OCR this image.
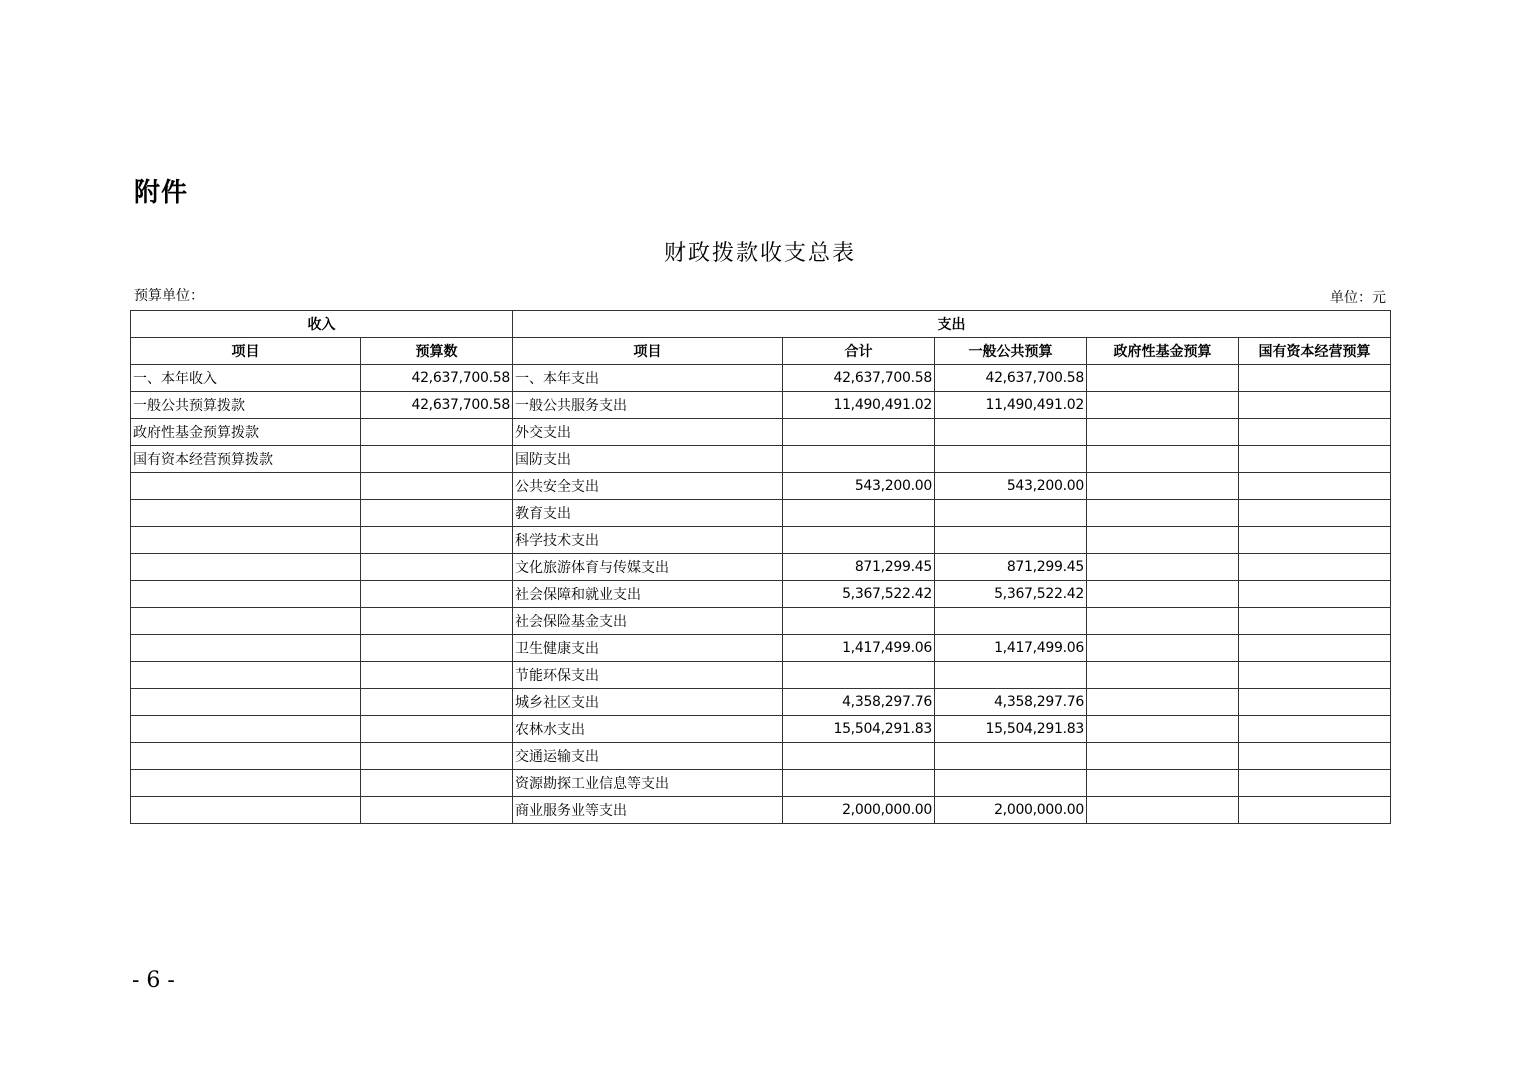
附件
财政拨款收支总表
预算单位：	单位：元
收入		支出				
项目	预算数	项目	合计	一般公共预算	政府性基金预算	国有资本经营预算
一、本年收入	42,637,700.58	一、本年支出	42,637,700.58	42,637,700.58		
一般公共预算拨款	42,637,700.58	一般公共服务支出	11,490,491.02	11,490,491.02		
政府性基金预算拨款		外交支出				
国有资本经营预算拨款		国防支出				
		公共安全支出	543,200.00	543,200.00		
		教育支出				
		科学技术支出				
		文化旅游体育与传媒支出	871,299.45	871,299.45		
		社会保障和就业支出	5,367,522.42	5,367,522.42		
		社会保险基金支出				
		卫生健康支出	1,417,499.06	1,417,499.06		
		节能环保支出				
		城乡社区支出	4,358,297.76	4,358,297.76		
		农林水支出	15,504,291.83	15,504,291.83		
		交通运输支出				
		资源勘探工业信息等支出				
		商业服务业等支出	2,000,000.00	2,000,000.00		
- 6 -
